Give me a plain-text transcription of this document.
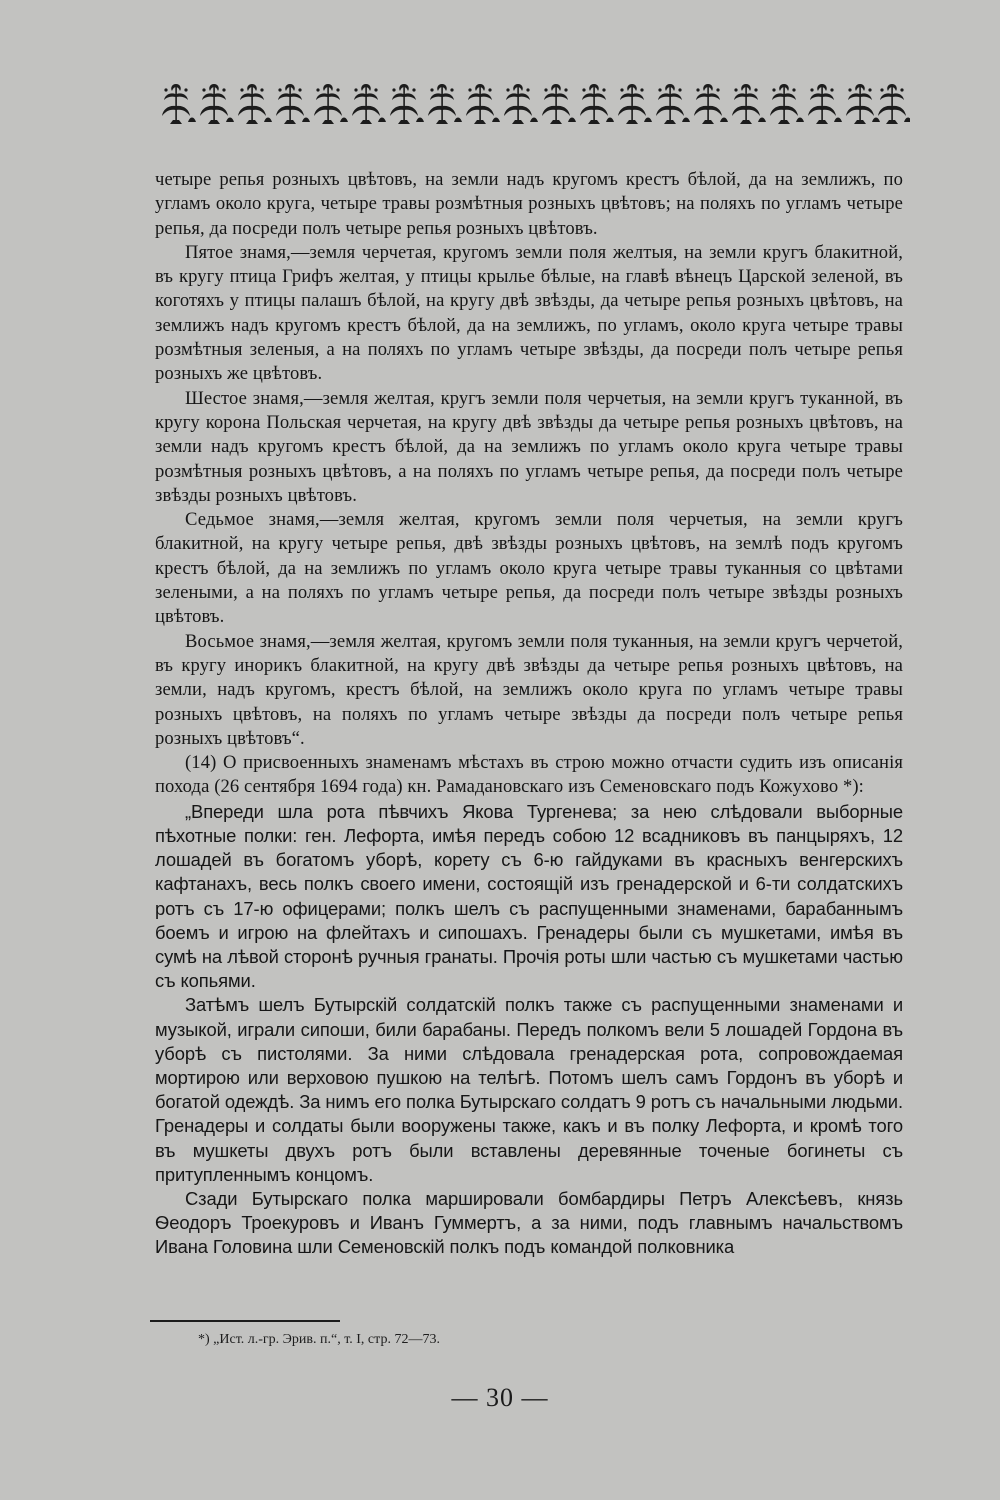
четыре репья розныхъ цвѣтовъ, на земли надъ кругомъ крестъ бѣлой, да на землижъ, по угламъ около круга, четыре травы розмѣтныя розныхъ цвѣтовъ; на поляхъ по угламъ четыре репья, да посреди полъ четыре репья розныхъ цвѣтовъ.

Пятое знамя,—земля черчетая, кругомъ земли поля желтыя, на земли кругъ блакитной, въ кругу птица Грифъ желтая, у птицы крылье бѣлые, на главѣ вѣнецъ Царской зеленой, въ коготяхъ у птицы палашъ бѣлой, на кругу двѣ звѣзды, да четыре репья розныхъ цвѣтовъ, на землижъ надъ кругомъ крестъ бѣлой, да на землижъ, по угламъ, около круга четыре травы розмѣтныя зеленыя, а на поляхъ по угламъ четыре звѣзды, да посреди полъ четыре репья розныхъ же цвѣтовъ.

Шестое знамя,—земля желтая, кругъ земли поля черчетыя, на земли кругъ туканной, въ кругу корона Польская черчетая, на кругу двѣ звѣзды да четыре репья розныхъ цвѣтовъ, на земли надъ кругомъ крестъ бѣлой, да на землижъ по угламъ около круга четыре травы розмѣтныя розныхъ цвѣтовъ, а на поляхъ по угламъ четыре репья, да посреди полъ четыре звѣзды розныхъ цвѣтовъ.

Седьмое знамя,—земля желтая, кругомъ земли поля черчетыя, на земли кругъ блакитной, на кругу четыре репья, двѣ звѣзды розныхъ цвѣтовъ, на землѣ подъ кругомъ крестъ бѣлой, да на землижъ по угламъ около круга четыре травы туканныя со цвѣтами зелеными, а на поляхъ по угламъ четыре репья, да посреди полъ четыре звѣзды розныхъ цвѣтовъ.

Восьмое знамя,—земля желтая, кругомъ земли поля туканныя, на земли кругъ черчетой, въ кругу инорикъ блакитной, на кругу двѣ звѣзды да четыре репья розныхъ цвѣтовъ, на земли, надъ кругомъ, крестъ бѣлой, на землижъ около круга по угламъ четыре травы розныхъ цвѣтовъ, на поляхъ по угламъ четыре звѣзды да посреди полъ четыре репья розныхъ цвѣтовъ“.

(14) О присвоенныхъ знаменамъ мѣстахъ въ строю можно отчасти судить изъ описанія похода (26 сентября 1694 года) кн. Рамадановскаго изъ Семеновскаго подъ Кожухово *):

„Впереди шла рота пѣвчихъ Якова Тургенева; за нею слѣдовали выборные пѣхотные полки: ген. Лефорта, имѣя передъ собою 12 всадниковъ въ панцыряхъ, 12 лошадей въ богатомъ уборѣ, корету съ 6-ю гайдуками въ красныхъ венгерскихъ кафтанахъ, весь полкъ своего имени, состоящій изъ гренадерской и 6-ти солдатскихъ ротъ съ 17-ю офицерами; полкъ шелъ съ распущенными знаменами, барабаннымъ боемъ и игрою на флейтахъ и сипошахъ. Гренадеры были съ мушкетами, имѣя въ сумѣ на лѣвой сторонѣ ручныя гранаты. Прочія роты шли частью съ мушкетами частью съ копьями.

Затѣмъ шелъ Бутырскій солдатскій полкъ также съ распущенными знаменами и музыкой, играли сипоши, били барабаны. Передъ полкомъ вели 5 лошадей Гордона въ уборѣ съ пистолями. За ними слѣдовала гренадерская рота, сопровождаемая мортирою или верховою пушкою на телѣгѣ. Потомъ шелъ самъ Гордонъ въ уборѣ и богатой одеждѣ. За нимъ его полка Бутырскаго солдатъ 9 ротъ съ начальными людьми. Гренадеры и солдаты были вооружены также, какъ и въ полку Лефорта, и кромѣ того въ мушкеты двухъ ротъ были вставлены деревянные точеные богинеты съ притупленнымъ концомъ.

Сзади Бутырскаго полка маршировали бомбардиры Петръ Алексѣевъ, князь Ѳеодоръ Троекуровъ и Иванъ Гуммертъ, а за ними, подъ главнымъ начальствомъ Ивана Головина шли Семеновскій полкъ подъ командой полковника

*) „Ист. л.-гр. Эрив. п.“, т. I, стр. 72—73.
— 30 —
